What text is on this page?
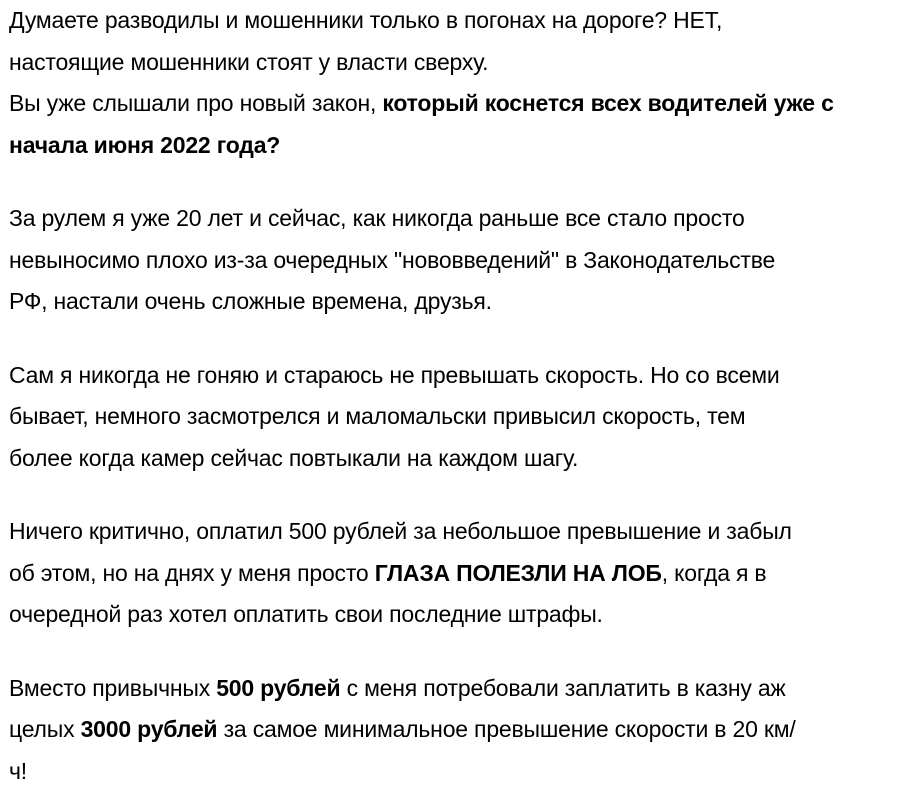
Думаете разводилы и мошенники только в погонах на дороге? НЕТ,
настоящие мошенники стоят у власти сверху.

Вы уже слышали про новый закон, который коснется всех водителей уже с
начала июня 2022 года?

За рулем я уже 20 лет и сейчас, как никогда раньше все стало просто
невыносимо плохо из-за очередных "нововведений" в Законодательстве
РФ, настали очень сложные времена, друзья.

Сам я никогда не гоняю и стараюсь не превышать скорость. Но со всеми
бывает, немного засмотрелся и маломальски привысил скорость, тем
более когда камер сейчас повтыкали на каждом шагу.

Ничего критично, оплатил 500 рублей за небольшое превышение и забыл
об этом, но на днях у меня просто ГЛАЗА ПОЛЕЗЛИ НА ЛОБ, когда я в
очередной раз хотел оплатить свои последние штрафы.

Вместо привычных 500 рублей с меня потребовали заплатить в казну аж
целых 3000 рублей за самое минимальное превышение скорости в 20 км/
ч!
